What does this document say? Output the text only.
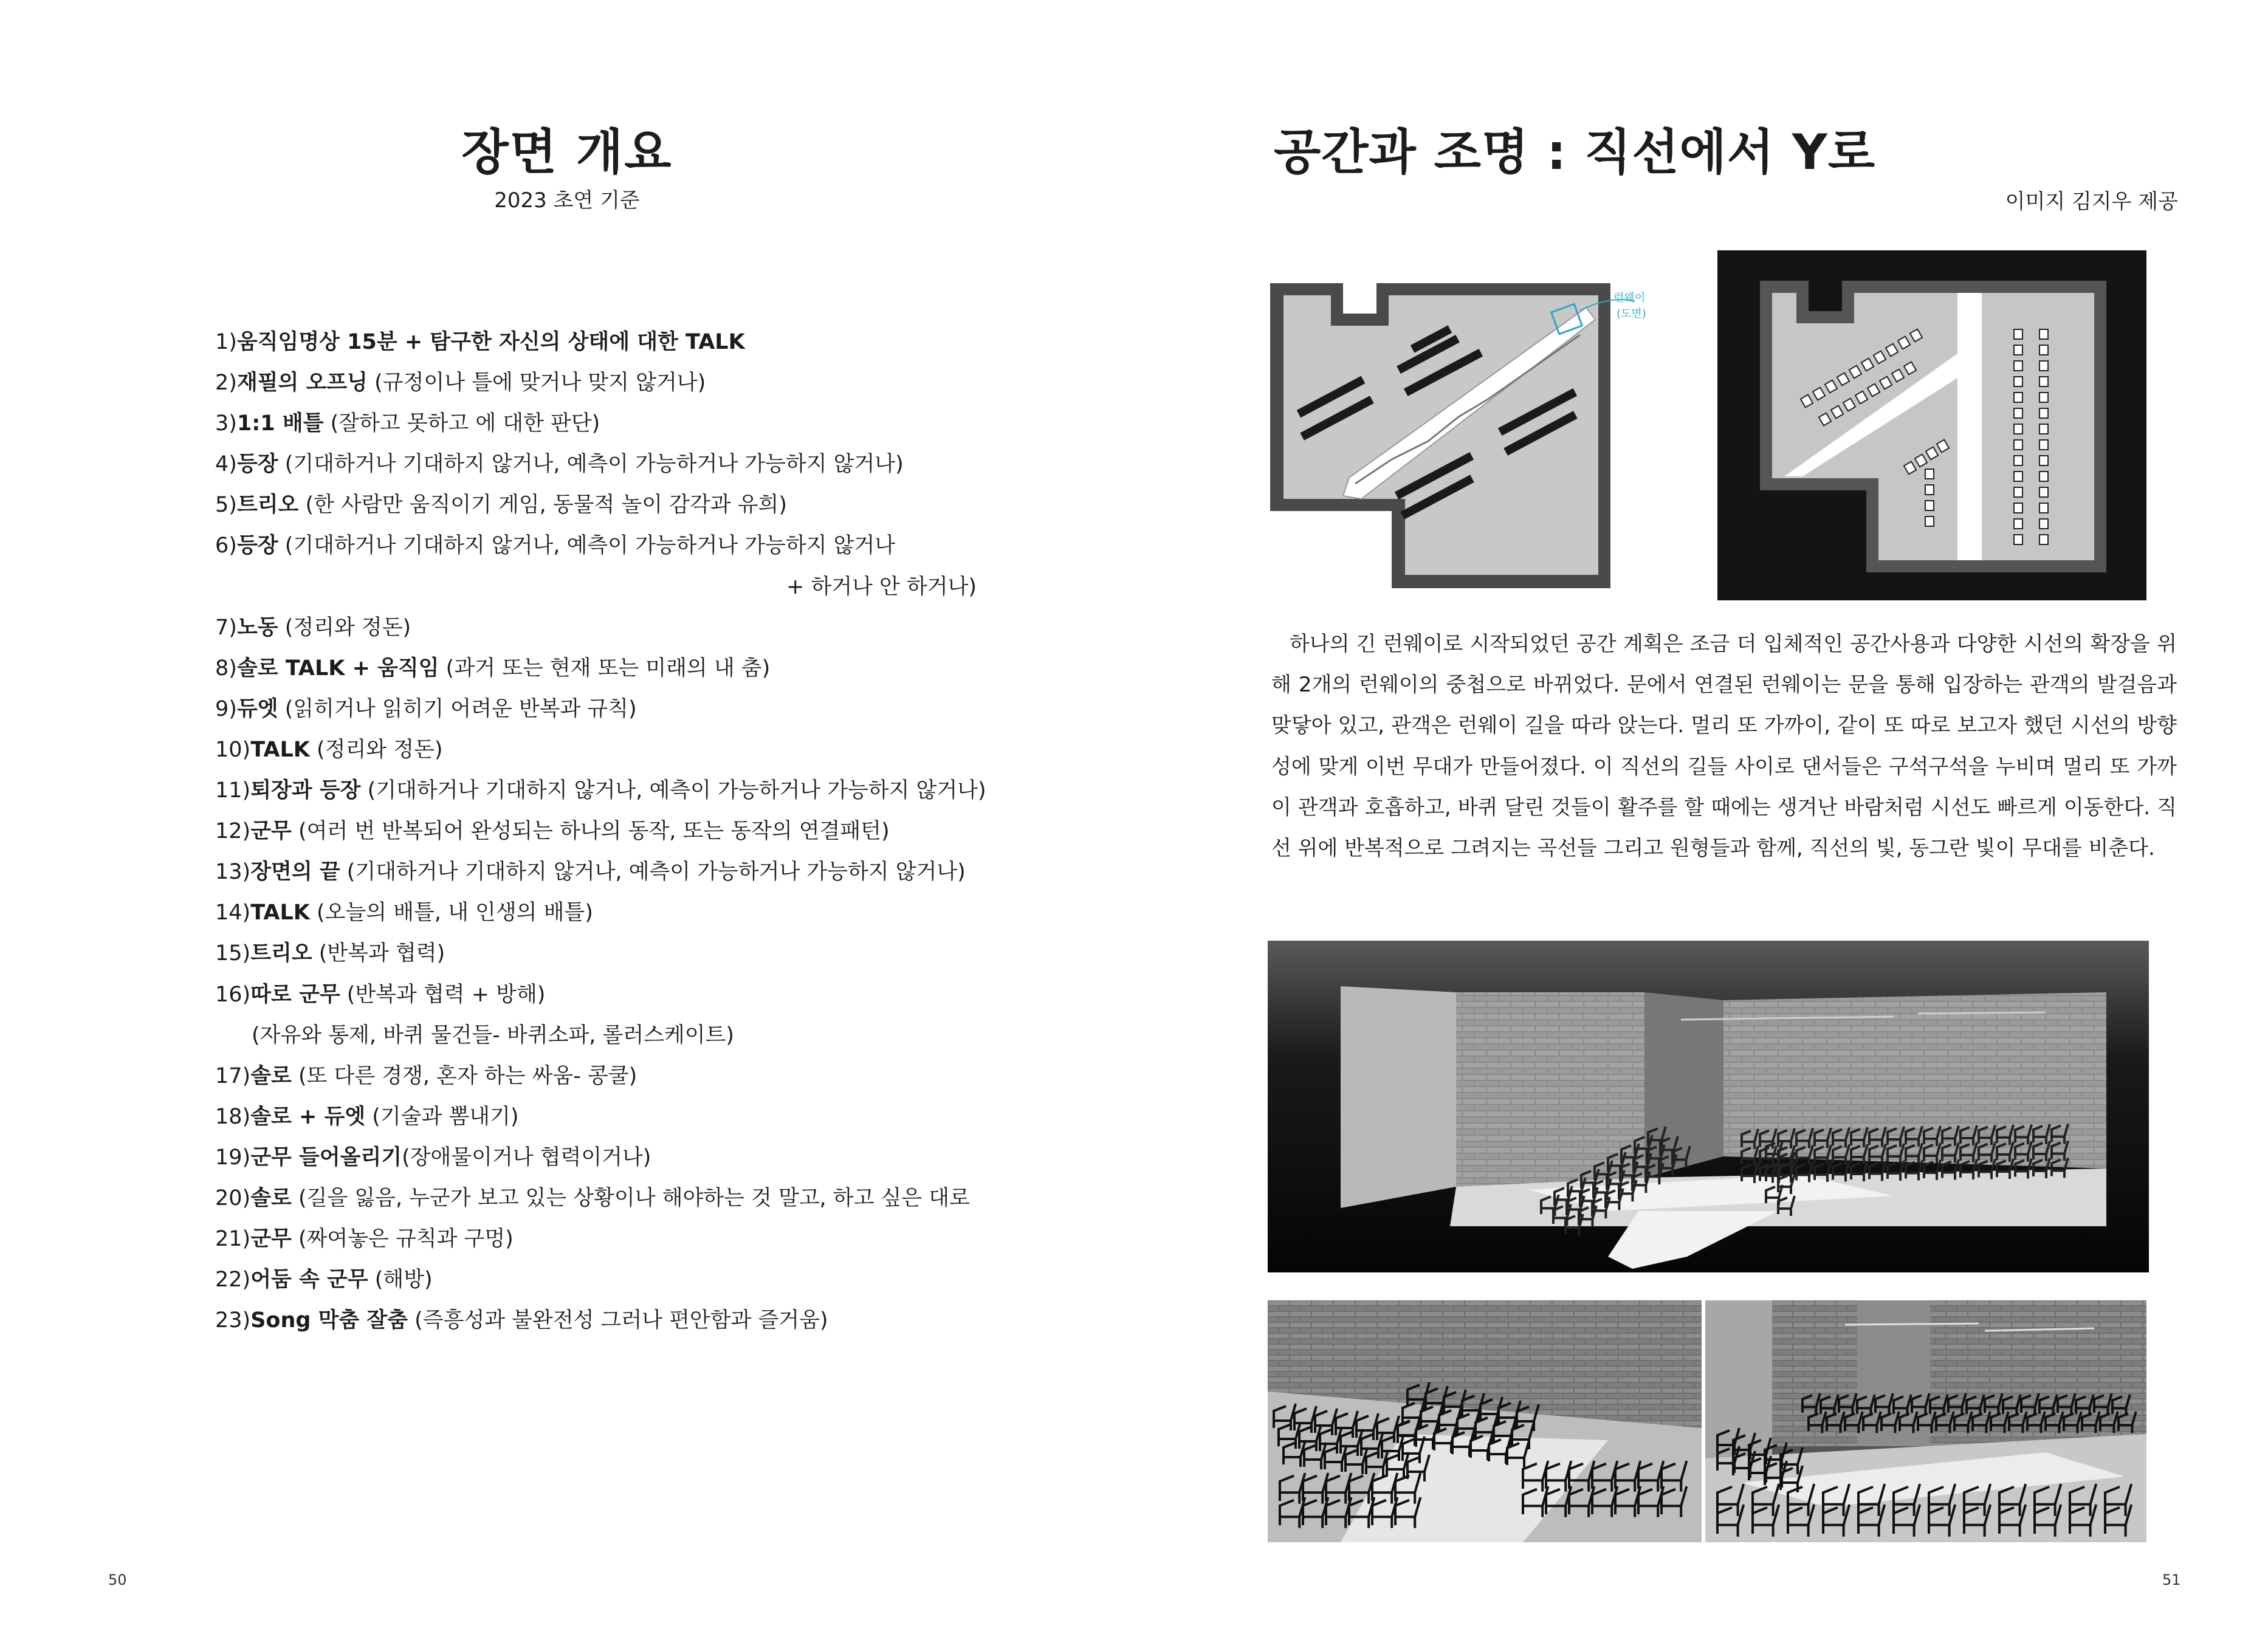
장면 개요
2023 초연 기준
1)움직임명상 15분 + 탐구한 자신의 상태에 대한 TALK
2)재필의 오프닝 (규정이나 틀에 맞거나 맞지 않거나)
3)1:1 배틀 (잘하고 못하고 에 대한 판단)
4)등장 (기대하거나 기대하지 않거나, 예측이 가능하거나 가능하지 않거나)
5)트리오 (한 사람만 움직이기 게임, 동물적 놀이 감각과 유희)
6)등장 (기대하거나 기대하지 않거나, 예측이 가능하거나 가능하지 않거나
+ 하거나 안 하거나)
7)노동 (정리와 정돈)
8)솔로 TALK + 움직임 (과거 또는 현재 또는 미래의 내 춤)
9)듀엣 (읽히거나 읽히기 어려운 반복과 규칙)
10)TALK (정리와 정돈)
11)퇴장과 등장 (기대하거나 기대하지 않거나, 예측이 가능하거나 가능하지 않거나)
12)군무 (여러 번 반복되어 완성되는 하나의 동작, 또는 동작의 연결패턴)
13)장면의 끝 (기대하거나 기대하지 않거나, 예측이 가능하거나 가능하지 않거나)
14)TALK (오늘의 배틀, 내 인생의 배틀)
15)트리오 (반복과 협력)
16)따로 군무 (반복과 협력 + 방해)
(자유와 통제, 바퀴 물건들- 바퀴소파, 롤러스케이트)
17)솔로 (또 다른 경쟁, 혼자 하는 싸움- 콩쿨)
18)솔로 + 듀엣 (기술과 뽐내기)
19)군무 들어올리기(장애물이거나 협력이거나)
20)솔로 (길을 잃음, 누군가 보고 있는 상황이나 해야하는 것 말고, 하고 싶은 대로
21)군무 (짜여놓은 규칙과 구멍)
22)어둠 속 군무 (해방)
23)Song 막춤 잘춤 (즉흥성과 불완전성 그러나 편안함과 즐거움)
50
공간과 조명 : 직선에서 Y로
이미지 김지우 제공
런웨이
(도면)

하나의 긴 런웨이로 시작되었던 공간 계획은 조금 더 입체적인 공간사용과 다양한 시선의 확장을 위해 2개의 런웨이의 중첩으로 바뀌었다. 문에서 연결된 런웨이는 문을 통해 입장하는 관객의 발걸음과 맞닿아 있고, 관객은 런웨이 길을 따라 앉는다. 멀리 또 가까이, 같이 또 따로 보고자 했던 시선의 방향성에 맞게 이번 무대가 만들어졌다. 이 직선의 길들 사이로 댄서들은 구석구석을 누비며 멀리 또 가까이 관객과 호흡하고, 바퀴 달린 것들이 활주를 할 때에는 생겨난 바람처럼 시선도 빠르게 이동한다. 직선 위에 반복적으로 그려지는 곡선들 그리고 원형들과 함께, 직선의 빛, 동그란 빛이 무대를 비춘다.

51
